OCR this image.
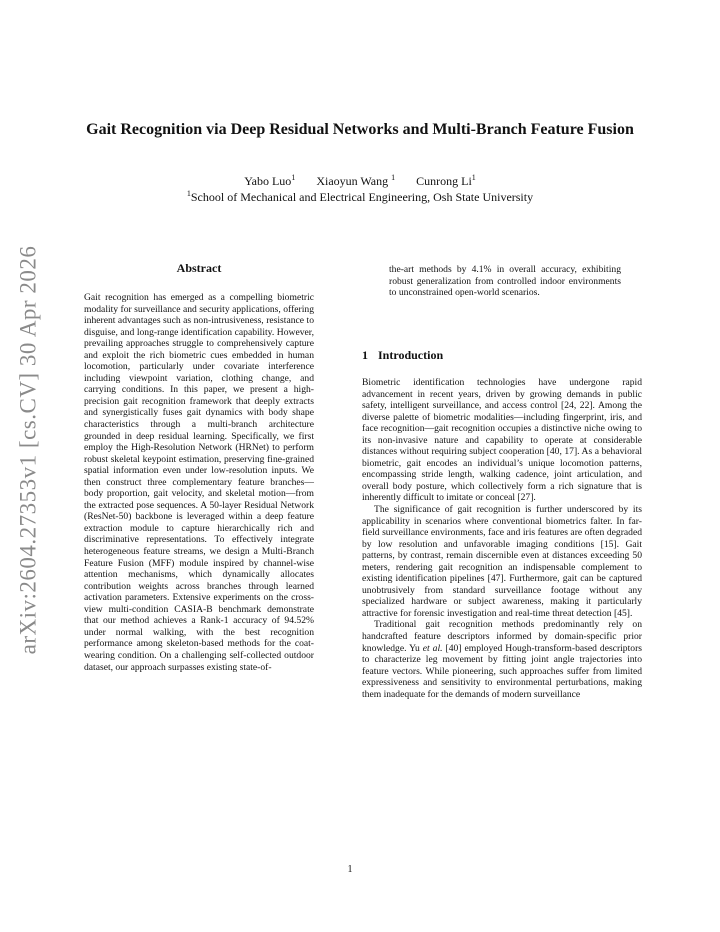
arXiv:2604.27353v1 [cs.CV] 30 Apr 2026
Gait Recognition via Deep Residual Networks and Multi-Branch Feature Fusion

Yabo Luo$^1$ Xiaoyun Wang $^1$ Cunrong Li$^1$

$^1$School of Mechanical and Electrical Engineering, Osh State University

Abstract

Gait recognition has emerged as a compelling biometric modality for surveillance and security applications, offering inherent advantages such as non-intrusiveness, resistance to disguise, and long-range identification capability. However, prevailing approaches struggle to comprehensively capture and exploit the rich biometric cues embedded in human locomotion, particularly under covariate interference including viewpoint variation, clothing change, and carrying conditions. In this paper, we present a high-precision gait recognition framework that deeply extracts and synergistically fuses gait dynamics with body shape characteristics through a multi-branch architecture grounded in deep residual learning. Specifically, we first employ the High-Resolution Network (HRNet) to perform robust skeletal keypoint estimation, preserving fine-grained spatial information even under low-resolution inputs. We then construct three complementary feature branches—body proportion, gait velocity, and skeletal motion—from the extracted pose sequences. A 50-layer Residual Network (ResNet-50) backbone is leveraged within a deep feature extraction module to capture hierarchically rich and discriminative representations. To effectively integrate heterogeneous feature streams, we design a Multi-Branch Feature Fusion (MFF) module inspired by channel-wise attention mechanisms, which dynamically allocates contribution weights across branches through learned activation parameters. Extensive experiments on the cross-view multi-condition CASIA-B benchmark demonstrate that our method achieves a Rank-1 accuracy of 94.52% under normal walking, with the best recognition performance among skeleton-based methods for the coat-wearing condition. On a challenging self-collected outdoor dataset, our approach surpasses existing state-of-

the-art methods by 4.1% in overall accuracy, exhibiting robust generalization from controlled indoor environments to unconstrained open-world scenarios.

1 Introduction

Biometric identification technologies have undergone rapid advancement in recent years, driven by growing demands in public safety, intelligent surveillance, and access control [24, 22]. Among the diverse palette of biometric modalities—including fingerprint, iris, and face recognition—gait recognition occupies a distinctive niche owing to its non-invasive nature and capability to operate at considerable distances without requiring subject cooperation [40, 17]. As a behavioral biometric, gait encodes an individual’s unique locomotion patterns, encompassing stride length, walking cadence, joint articulation, and overall body posture, which collectively form a rich signature that is inherently difficult to imitate or conceal [27].

The significance of gait recognition is further underscored by its applicability in scenarios where conventional biometrics falter. In far-field surveillance environments, face and iris features are often degraded by low resolution and unfavorable imaging conditions [15]. Gait patterns, by contrast, remain discernible even at distances exceeding 50 meters, rendering gait recognition an indispensable complement to existing identification pipelines [47]. Furthermore, gait can be captured unobtrusively from standard surveillance footage without any specialized hardware or subject awareness, making it particularly attractive for forensic investigation and real-time threat detection [45].

Traditional gait recognition methods predominantly rely on handcrafted feature descriptors informed by domain-specific prior knowledge. Yu et al. [40] employed Hough-transform-based descriptors to characterize leg movement by fitting joint angle trajectories into feature vectors. While pioneering, such approaches suffer from limited expressiveness and sensitivity to environmental perturbations, making them inadequate for the demands of modern surveillance

1
